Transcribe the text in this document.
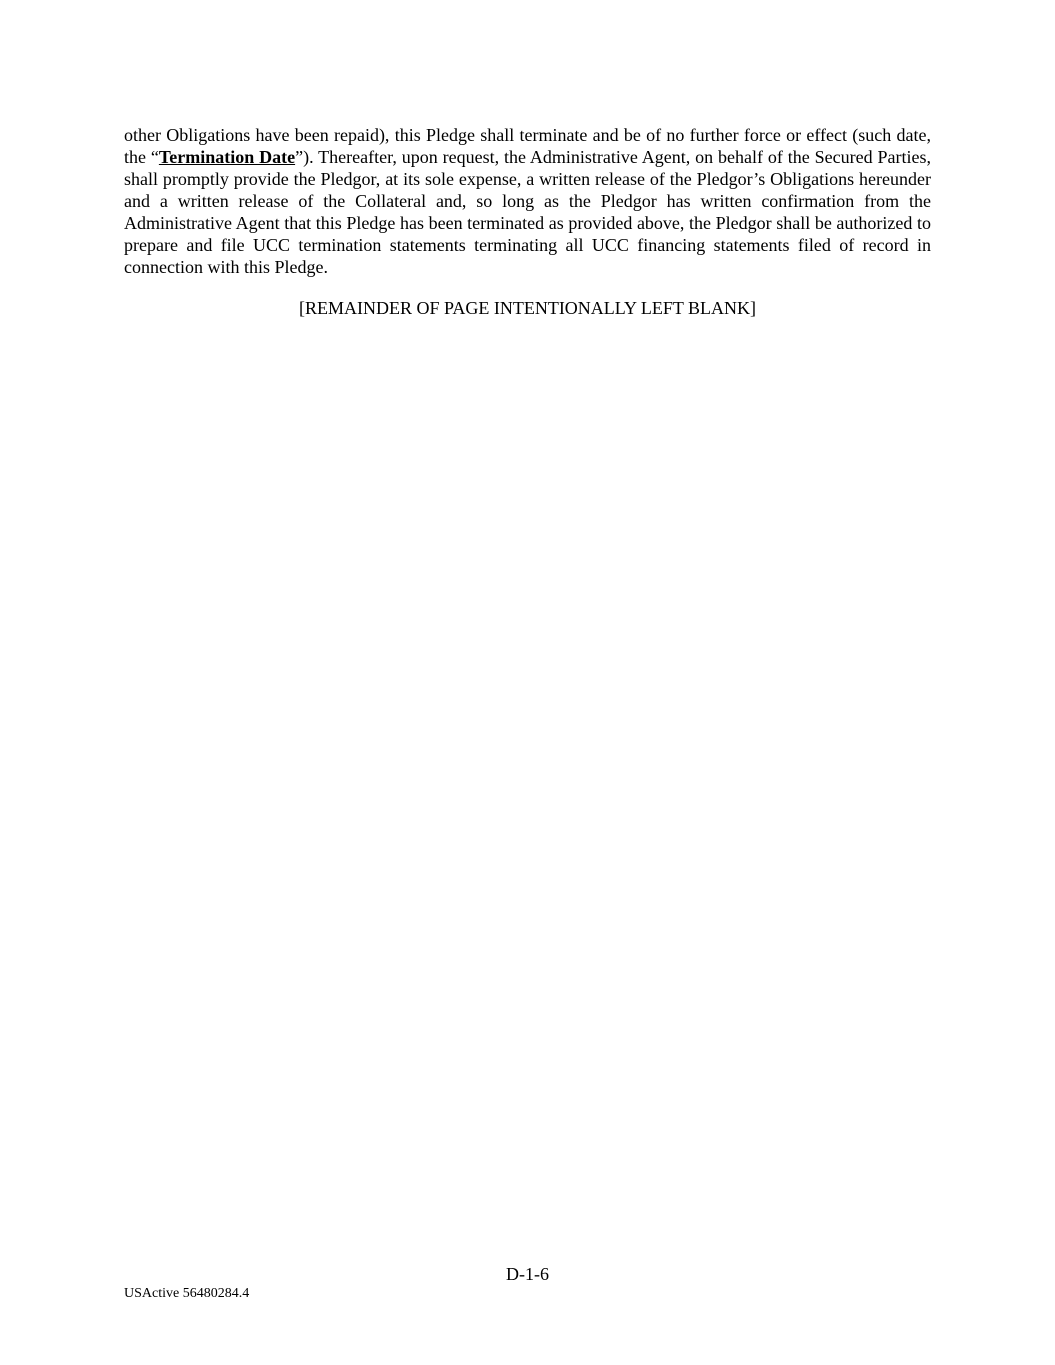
other Obligations have been repaid), this Pledge shall terminate and be of no further force or effect (such date, the “Termination Date”). Thereafter, upon request, the Administrative Agent, on behalf of the Secured Parties, shall promptly provide the Pledgor, at its sole expense, a written release of the Pledgor’s Obligations hereunder and a written release of the Collateral and, so long as the Pledgor has written confirmation from the Administrative Agent that this Pledge has been terminated as provided above, the Pledgor shall be authorized to prepare and file UCC termination statements terminating all UCC financing statements filed of record in connection with this Pledge.

[REMAINDER OF PAGE INTENTIONALLY LEFT BLANK]

D-1-6

USActive 56480284.4
